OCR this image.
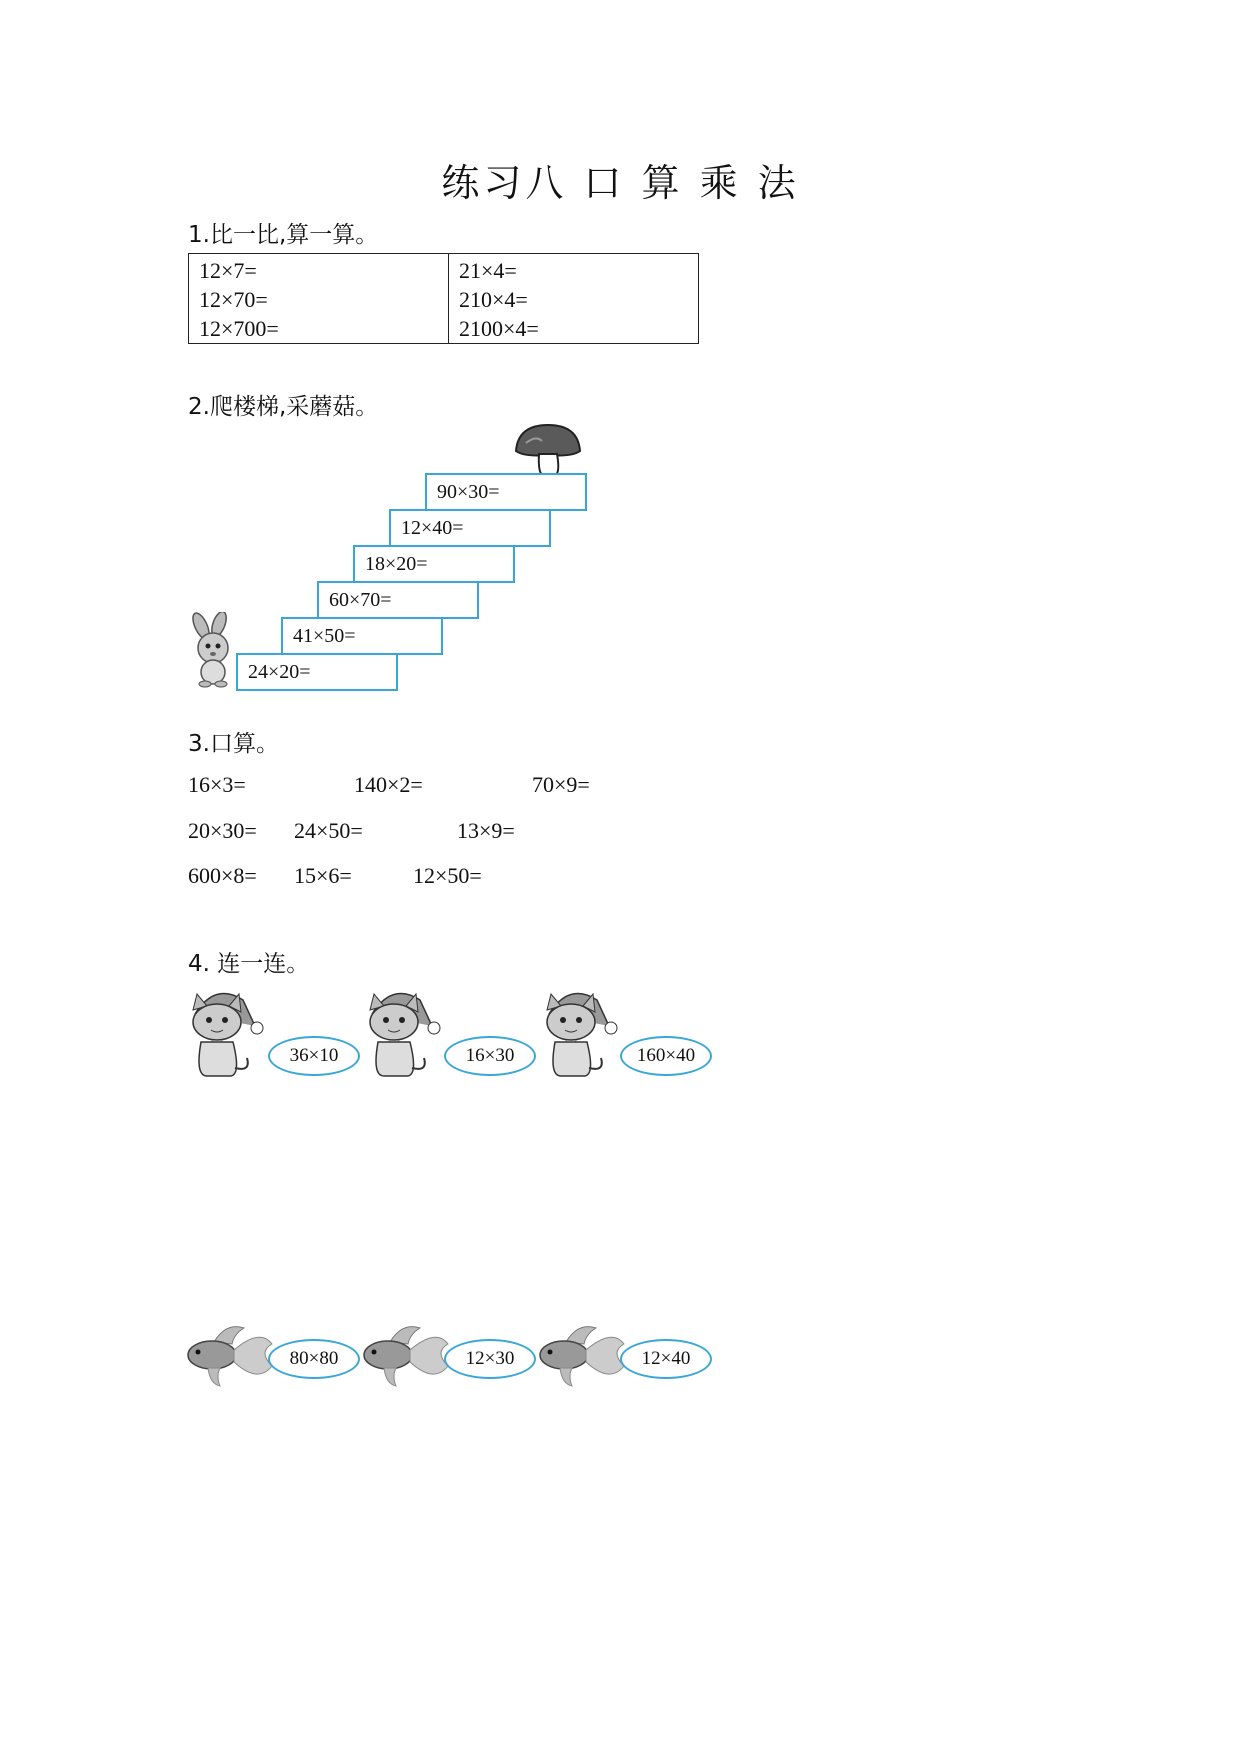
练习八 口 算 乘 法
1.比一比,算一算。
12×7=
12×70=
12×700=

21×4=
210×4=
2100×4=
2.爬楼梯,采蘑菇。
90×30=
12×40=
18×20=
60×70=
41×50=
24×20=
3.口算。
16×3=	140×2=	70×9=
20×30= 24×50=	13×9=
600×8= 15×6=	12×50=
4. 连一连。
36×10	16×30	160×40
80×80	12×30	12×40
